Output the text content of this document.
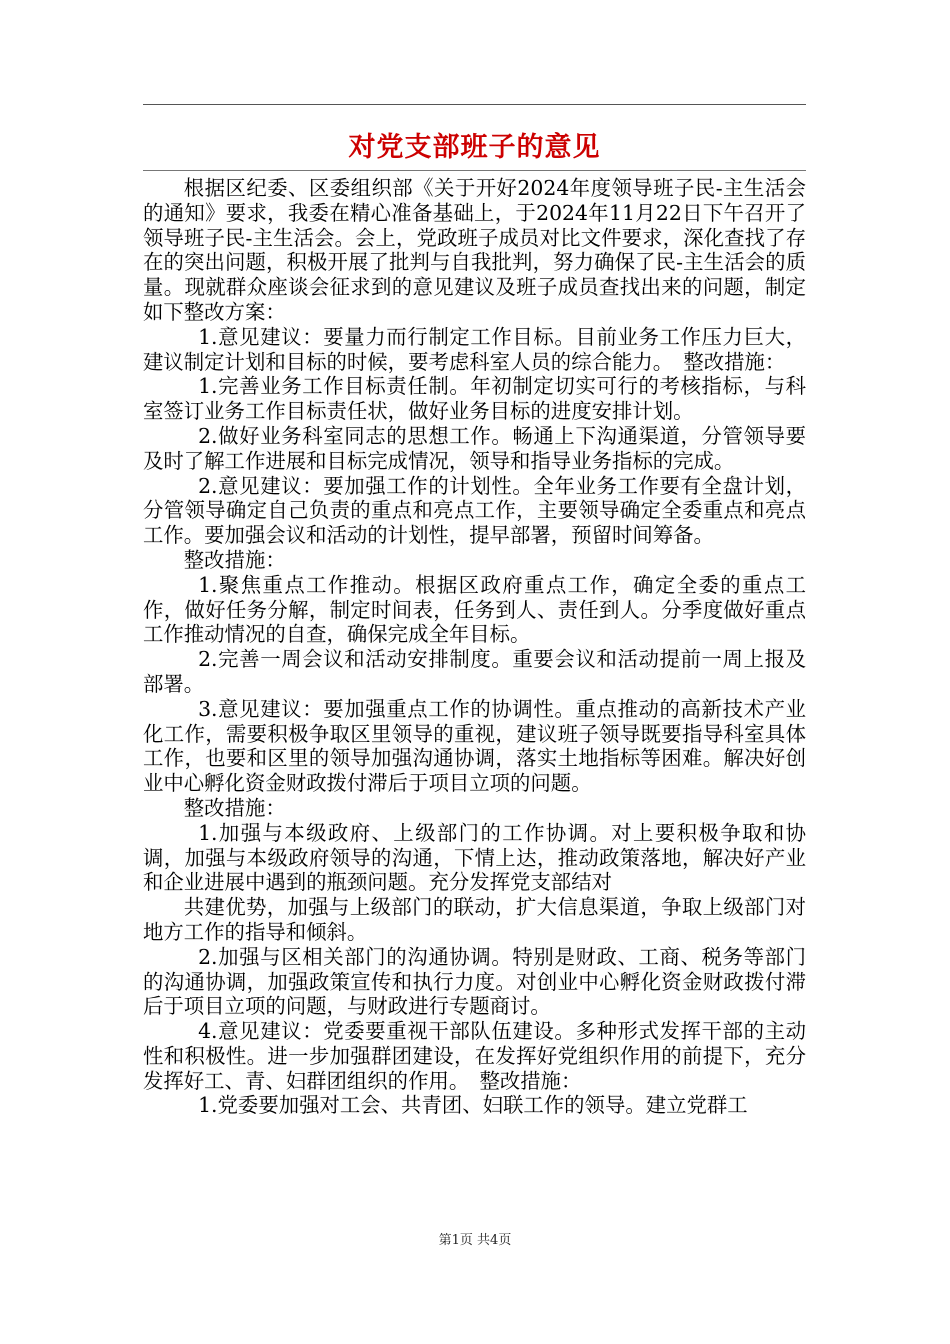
对党支部班子的意见

根据区纪委、区委组织部《关于开好2024年度领导班子民-主生活会的通知》要求，我委在精心准备基础上，于2024年11月22日下午召开了领导班子民-主生活会。会上，党政班子成员对比文件要求，深化查找了存在的突出问题，积极开展了批判与自我批判，努力确保了民-主生活会的质量。现就群众座谈会征求到的意见建议及班子成员查找出来的问题，制定如下整改方案：

1.意见建议：要量力而行制定工作目标。目前业务工作压力巨大，建议制定计划和目标的时候，要考虑科室人员的综合能力。　整改措施：

1.完善业务工作目标责任制。年初制定切实可行的考核指标，与科室签订业务工作目标责任状，做好业务目标的进度安排计划。

2.做好业务科室同志的思想工作。畅通上下沟通渠道，分管领导要及时了解工作进展和目标完成情况，领导和指导业务指标的完成。

2.意见建议：要加强工作的计划性。全年业务工作要有全盘计划，分管领导确定自己负责的重点和亮点工作，主要领导确定全委重点和亮点工作。要加强会议和活动的计划性，提早部署，预留时间筹备。

整改措施：

1.聚焦重点工作推动。根据区政府重点工作，确定全委的重点工作，做好任务分解，制定时间表，任务到人、责任到人。分季度做好重点工作推动情况的自查，确保完成全年目标。

2.完善一周会议和活动安排制度。重要会议和活动提前一周上报及部署。

3.意见建议：要加强重点工作的协调性。重点推动的高新技术产业化工作，需要积极争取区里领导的重视，建议班子领导既要指导科室具体工作，也要和区里的领导加强沟通协调，落实土地指标等困难。解决好创业中心孵化资金财政拨付滞后于项目立项的问题。

整改措施：

1.加强与本级政府、上级部门的工作协调。对上要积极争取和协调，加强与本级政府领导的沟通，下情上达，推动政策落地，解决好产业和企业进展中遇到的瓶颈问题。充分发挥党支部结对

共建优势，加强与上级部门的联动，扩大信息渠道，争取上级部门对地方工作的指导和倾斜。

2.加强与区相关部门的沟通协调。特别是财政、工商、税务等部门的沟通协调，加强政策宣传和执行力度。对创业中心孵化资金财政拨付滞后于项目立项的问题，与财政进行专题商讨。

4.意见建议：党委要重视干部队伍建设。多种形式发挥干部的主动性和积极性。进一步加强群团建设，在发挥好党组织作用的前提下，充分发挥好工、青、妇群团组织的作用。　整改措施：

1.党委要加强对工会、共青团、妇联工作的领导。建立党群工

第1页 共4页
